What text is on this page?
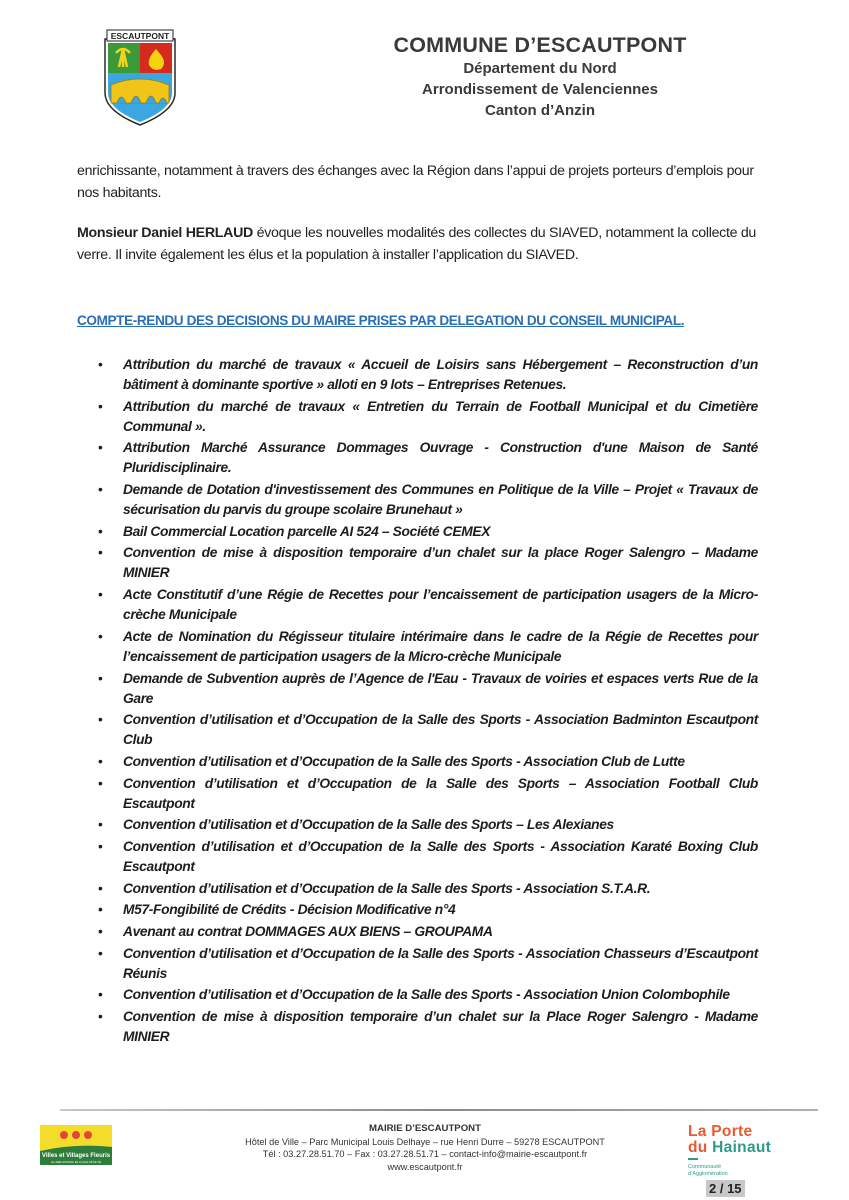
ESCAUTPONT	COMMUNE D’ESCAUTPONT
Département du Nord
Arrondissement de Valenciennes
Canton d’Anzin
enrichissante, notamment à travers des échanges avec la Région dans l’appui de projets porteurs d’emplois pour nos habitants.
Monsieur Daniel HERLAUD évoque les nouvelles modalités des collectes du SIAVED, notamment la collecte du verre. Il invite également les élus et la population à installer l’application du SIAVED.
COMPTE-RENDU DES DECISIONS DU MAIRE PRISES PAR DELEGATION DU CONSEIL MUNICIPAL.
• Attribution du marché de travaux « Accueil de Loisirs sans Hébergement – Reconstruction d’un bâtiment à dominante sportive » alloti en 9 lots – Entreprises Retenues.
• Attribution du marché de travaux « Entretien du Terrain de Football Municipal et du Cimetière Communal ».
• Attribution Marché Assurance Dommages Ouvrage - Construction d'une Maison de Santé Pluridisciplinaire.
• Demande de Dotation d'investissement des Communes en Politique de la Ville – Projet « Travaux de sécurisation du parvis du groupe scolaire Brunehaut »
• Bail Commercial Location parcelle AI 524 – Société CEMEX
• Convention de mise à disposition temporaire d’un chalet sur la place Roger Salengro – Madame MINIER
• Acte Constitutif d’une Régie de Recettes pour l’encaissement de participation usagers de la Micro-crèche Municipale
• Acte de Nomination du Régisseur titulaire intérimaire dans le cadre de la Régie de Recettes pour l’encaissement de participation usagers de la Micro-crèche Municipale
• Demande de Subvention auprès de l’Agence de l'Eau - Travaux de voiries et espaces verts Rue de la Gare
• Convention d’utilisation et d’Occupation de la Salle des Sports - Association Badminton Escautpont Club
• Convention d’utilisation et d’Occupation de la Salle des Sports - Association Club de Lutte
• Convention d’utilisation et d’Occupation de la Salle des Sports – Association Football Club Escautpont
• Convention d’utilisation et d’Occupation de la Salle des Sports – Les Alexianes
• Convention d’utilisation et d’Occupation de la Salle des Sports - Association Karaté Boxing Club Escautpont
• Convention d’utilisation et d’Occupation de la Salle des Sports - Association S.T.A.R.
• M57-Fongibilité de Crédits - Décision Modificative n°4
• Avenant au contrat DOMMAGES AUX BIENS – GROUPAMA
• Convention d’utilisation et d’Occupation de la Salle des Sports - Association Chasseurs d’Escautpont Réunis
• Convention d’utilisation et d’Occupation de la Salle des Sports - Association Union Colombophile
• Convention de mise à disposition temporaire d’un chalet sur la Place Roger Salengro - Madame MINIER
Villes et Villages Fleuris
LE LABEL NATIONAL DE LA QUALITÉ DE VIE
MAIRIE D’ESCAUTPONT
Hôtel de Ville – Parc Municipal Louis Delhaye – rue Henri Durre – 59278 ESCAUTPONT
Tél : 03.27.28.51.70 – Fax : 03.27.28.51.71 – contact-info@mairie-escautpont.fr
www.escautpont.fr
La Porte
du Hainaut
Communauté
d’Agglomération
2 / 15
